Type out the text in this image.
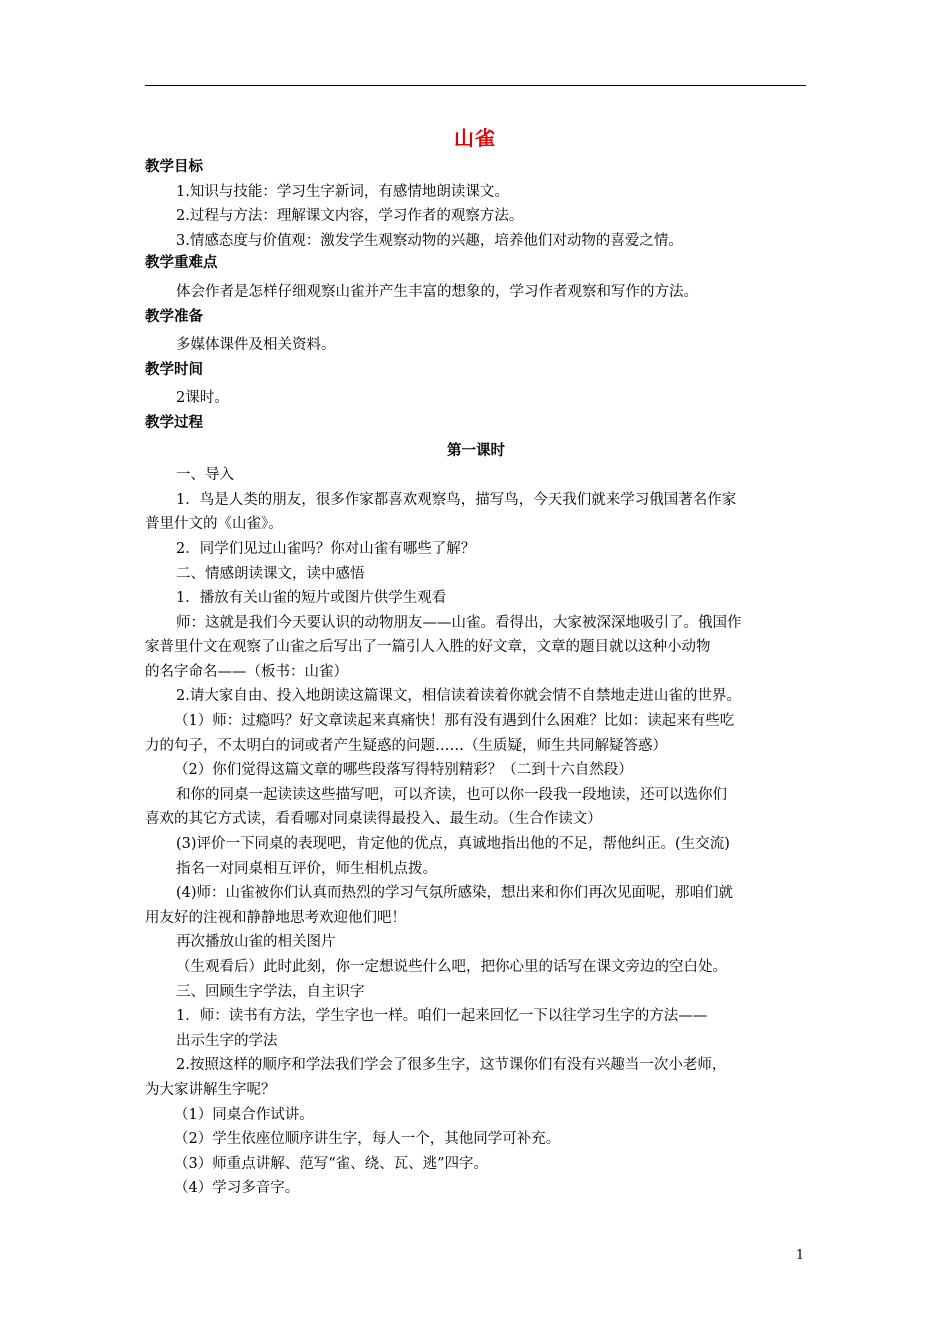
山雀
教学目标
1.知识与技能：学习生字新词，有感情地朗读课文。
2.过程与方法：理解课文内容，学习作者的观察方法。
3.情感态度与价值观：激发学生观察动物的兴趣，培养他们对动物的喜爱之情。
教学重难点
体会作者是怎样仔细观察山雀并产生丰富的想象的，学习作者观察和写作的方法。
教学准备
多媒体课件及相关资料。
教学时间
2课时。
教学过程
第一课时
一、导入
1．鸟是人类的朋友，很多作家都喜欢观察鸟，描写鸟，今天我们就来学习俄国著名作家
普里什文的《山雀》。
2．同学们见过山雀吗？你对山雀有哪些了解？
二、情感朗读课文，读中感悟
1．播放有关山雀的短片或图片供学生观看
师：这就是我们今天要认识的动物朋友——山雀。看得出，大家被深深地吸引了。俄国作
家普里什文在观察了山雀之后写出了一篇引人入胜的好文章，文章的题目就以这种小动物
的名字命名——（板书：山雀）
2.请大家自由、投入地朗读这篇课文，相信读着读着你就会情不自禁地走进山雀的世界。
（1）师：过瘾吗？好文章读起来真痛快！那有没有遇到什么困难？比如：读起来有些吃
力的句子，不太明白的词或者产生疑惑的问题……（生质疑，师生共同解疑答惑）
（2）你们觉得这篇文章的哪些段落写得特别精彩？（二到十六自然段）
和你的同桌一起读读这些描写吧，可以齐读，也可以你一段我一段地读，还可以选你们
喜欢的其它方式读，看看哪对同桌读得最投入、最生动。（生合作读文）
(3)评价一下同桌的表现吧，肯定他的优点，真诚地指出他的不足，帮他纠正。(生交流)
指名一对同桌相互评价，师生相机点拨。
(4)师：山雀被你们认真而热烈的学习气氛所感染，想出来和你们再次见面呢，那咱们就
用友好的注视和静静地思考欢迎他们吧！
再次播放山雀的相关图片
（生观看后）此时此刻，你一定想说些什么吧，把你心里的话写在课文旁边的空白处。
三、回顾生字学法，自主识字
1．师：读书有方法，学生字也一样。咱们一起来回忆一下以往学习生字的方法——
出示生字的学法
2.按照这样的顺序和学法我们学会了很多生字，这节课你们有没有兴趣当一次小老师，
为大家讲解生字呢？
（1）同桌合作试讲。
（2）学生依座位顺序讲生字，每人一个，其他同学可补充。
（3）师重点讲解、范写“雀、绕、瓦、逃”四字。
（4）学习多音字。
1
